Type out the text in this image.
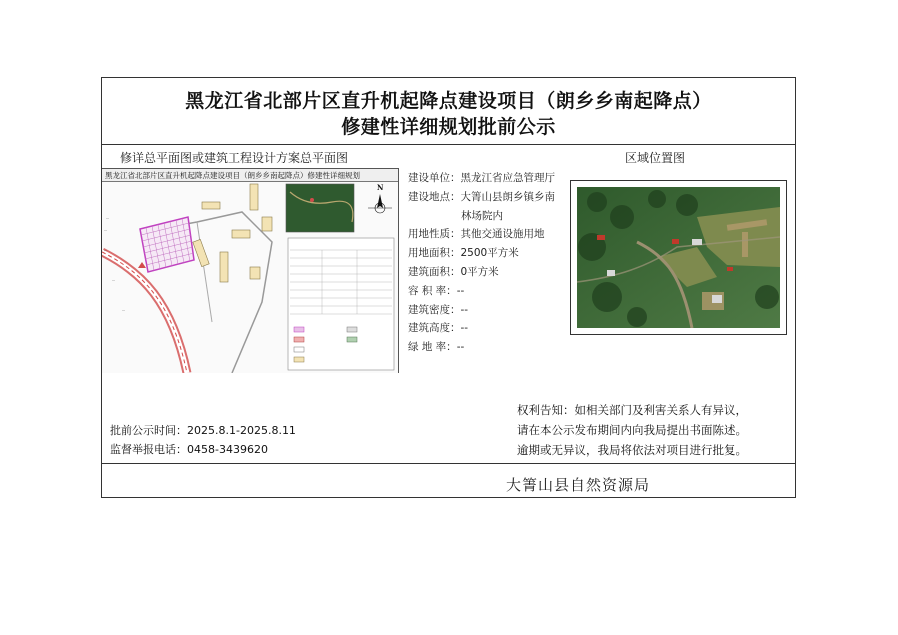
黑龙江省北部片区直升机起降点建设项目（朗乡乡南起降点）
修建性详细规划批前公示
修详总平面图或建筑工程设计方案总平面图	区域位置图
黑龙江省北部片区直升机起降点建设项目（朗乡乡南起降点）修建性详细规划
···
···
···
···
···
N
建设单位： 黑龙江省应急管理厅
建设地点： 大箐山县朗乡镇乡南
林场院内
用地性质： 其他交通设施用地
用地面积： 2500平方米
建筑面积： 0平方米
容 积 率： --
建筑密度： --
建筑高度： --
绿 地 率： --
批前公示时间：2025.8.1-2025.8.11
监督举报电话：0458-3439620
权利告知：如相关部门及利害关系人有异议，
请在本公示发布期间内向我局提出书面陈述。
逾期或无异议，我局将依法对项目进行批复。
大箐山县自然资源局
